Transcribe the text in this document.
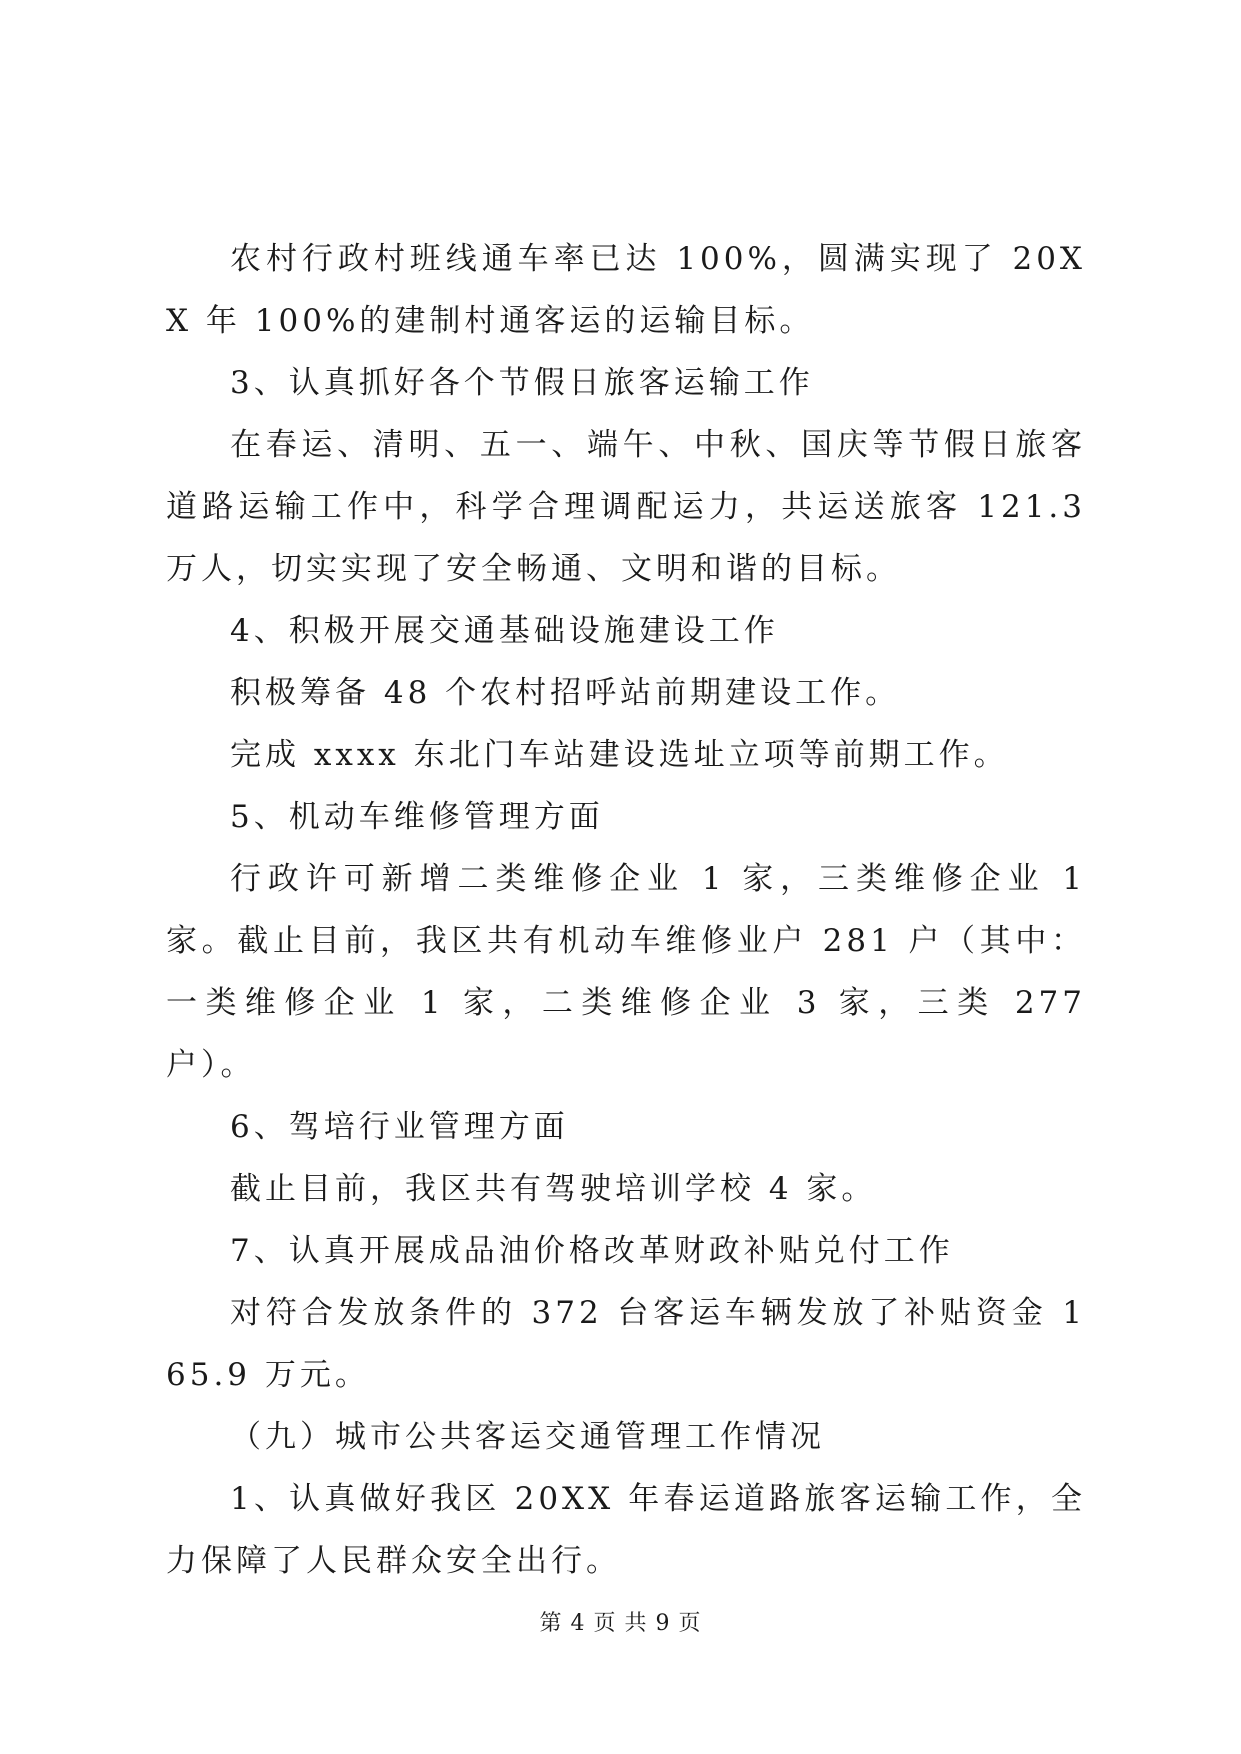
农村行政村班线通车率已达 100%，圆满实现了 20XX 年 100%的建制村通客运的运输目标。

3、认真抓好各个节假日旅客运输工作

在春运、清明、五一、端午、中秋、国庆等节假日旅客道路运输工作中，科学合理调配运力，共运送旅客 121.3 万人，切实实现了安全畅通、文明和谐的目标。

4、积极开展交通基础设施建设工作

积极筹备 48 个农村招呼站前期建设工作。

完成 xxxx 东北门车站建设选址立项等前期工作。

5、机动车维修管理方面

行政许可新增二类维修企业 1 家，三类维修企业 1 家。截止目前，我区共有机动车维修业户 281 户（其中：一类维修企业 1 家，二类维修企业 3 家，三类 277 户）。

6、驾培行业管理方面

截止目前，我区共有驾驶培训学校 4 家。

7、认真开展成品油价格改革财政补贴兑付工作

对符合发放条件的 372 台客运车辆发放了补贴资金 165.9 万元。

（九）城市公共客运交通管理工作情况

1、认真做好我区 20XX 年春运道路旅客运输工作，全力保障了人民群众安全出行。

第 4 页 共 9 页
